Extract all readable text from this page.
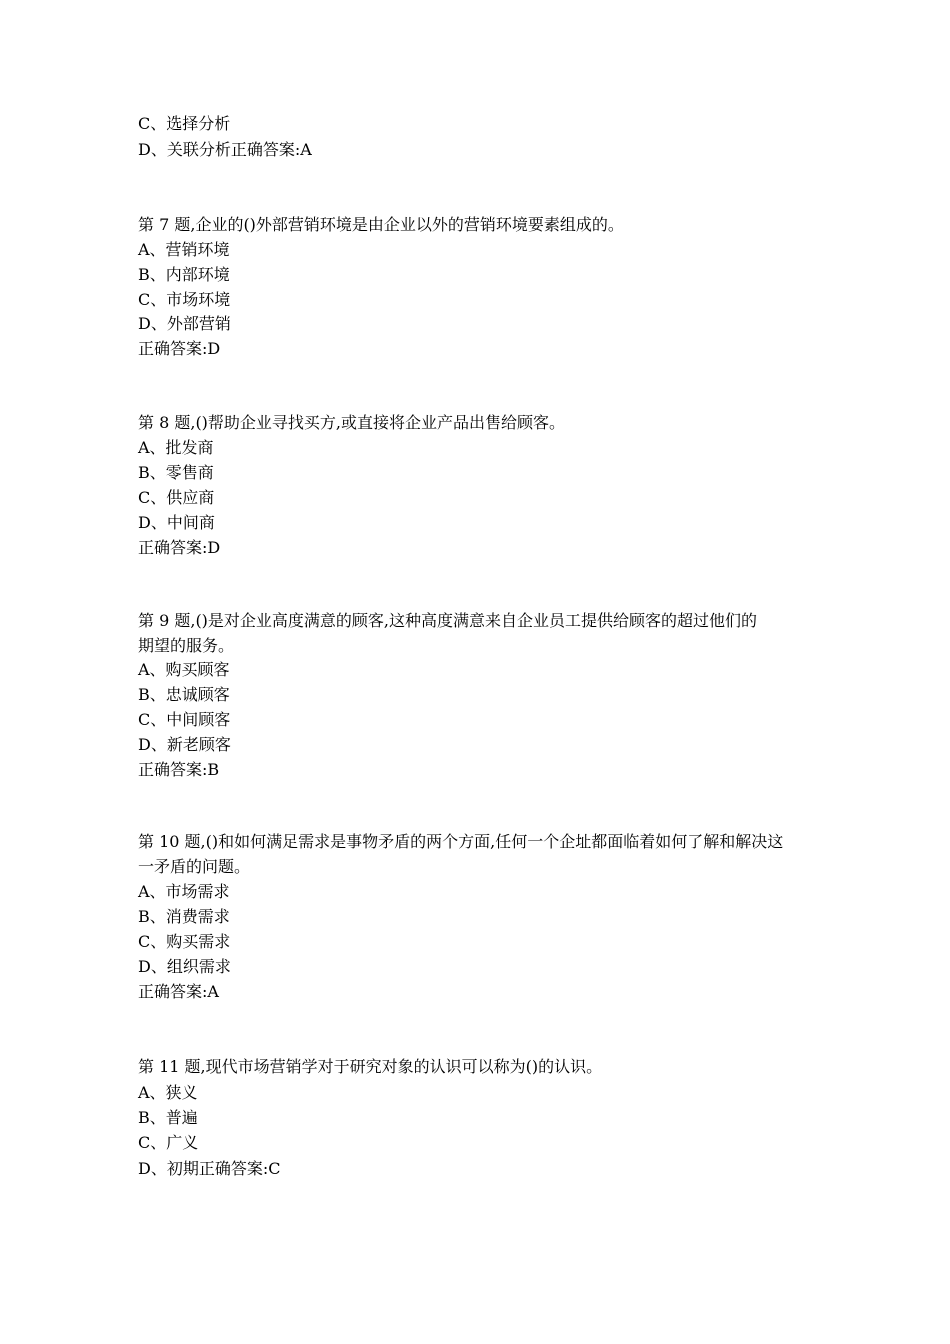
C、选择分析
D、关联分析正确答案:A
第 7 题,企业的()外部营销环境是由企业以外的营销环境要素组成的。
A、营销环境
B、内部环境
C、市场环境
D、外部营销
正确答案:D
第 8 题,()帮助企业寻找买方,或直接将企业产品出售给顾客。
A、批发商
B、零售商
C、供应商
D、中间商
正确答案:D
第 9 题,()是对企业高度满意的顾客,这种高度满意来自企业员工提供给顾客的超过他们的
期望的服务。
A、购买顾客
B、忠诚顾客
C、中间顾客
D、新老顾客
正确答案:B
第 10 题,()和如何满足需求是事物矛盾的两个方面,任何一个企址都面临着如何了解和解决这
一矛盾的问题。
A、市场需求
B、消费需求
C、购买需求
D、组织需求
正确答案:A
第 11 题,现代市场营销学对于研究对象的认识可以称为()的认识。
A、狭义
B、普遍
C、广义
D、初期正确答案:C
